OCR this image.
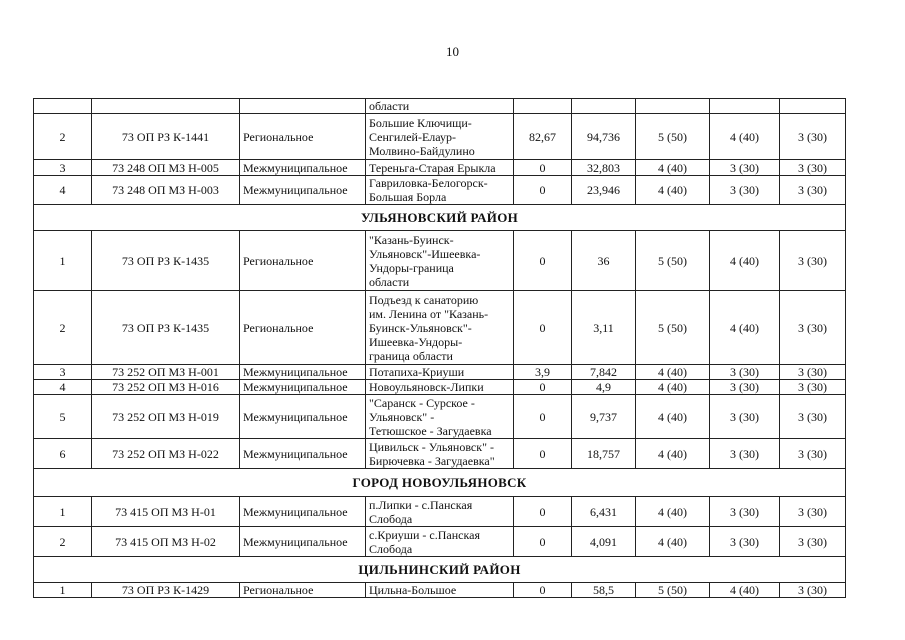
10
			области					
2	73 ОП РЗ К-1441	Региональное	Большие Ключищи-
Сенгилей-Елаур-
Молвино-Байдулино	82,67	94,736	5 (50)	4 (40)	3 (30)
3	73 248 ОП МЗ Н-005	Межмуниципальное	Тереньга-Старая Ерыкла	0	32,803	4 (40)	3 (30)	3 (30)
4	73 248 ОП МЗ Н-003	Межмуниципальное	Гавриловка-Белогорск-
Большая Борла	0	23,946	4 (40)	3 (30)	3 (30)
УЛЬЯНОВСКИЙ РАЙОН								
1	73 ОП РЗ К-1435	Региональное	"Казань-Буинск-
Ульяновск"-Ишеевка-
Ундоры-граница
области	0	36	5 (50)	4 (40)	3 (30)
2	73 ОП РЗ К-1435	Региональное	Подъезд к санаторию
им. Ленина от "Казань-
Буинск-Ульяновск"-
Ишеевка-Ундоры-
граница области	0	3,11	5 (50)	4 (40)	3 (30)
3	73 252 ОП МЗ Н-001	Межмуниципальное	Потапиха-Криуши	3,9	7,842	4 (40)	3 (30)	3 (30)
4	73 252 ОП МЗ Н-016	Межмуниципальное	Новоульяновск-Липки	0	4,9	4 (40)	3 (30)	3 (30)
5	73 252 ОП МЗ Н-019	Межмуниципальное	"Саранск - Сурское -
Ульяновск" -
Тетюшское - Загудаевка	0	9,737	4 (40)	3 (30)	3 (30)
6	73 252 ОП МЗ Н-022	Межмуниципальное	Цивильск - Ульяновск" -
Бирючевка - Загудаевка"	0	18,757	4 (40)	3 (30)	3 (30)
ГОРОД НОВОУЛЬЯНОВСК								
1	73 415 ОП МЗ Н-01	Межмуниципальное	п.Липки - с.Панская
Слобода	0	6,431	4 (40)	3 (30)	3 (30)
2	73 415 ОП МЗ Н-02	Межмуниципальное	с.Криуши - с.Панская
Слобода	0	4,091	4 (40)	3 (30)	3 (30)
ЦИЛЬНИНСКИЙ РАЙОН								
1	73 ОП РЗ К-1429	Региональное	Цильна-Большое	0	58,5	5 (50)	4 (40)	3 (30)
